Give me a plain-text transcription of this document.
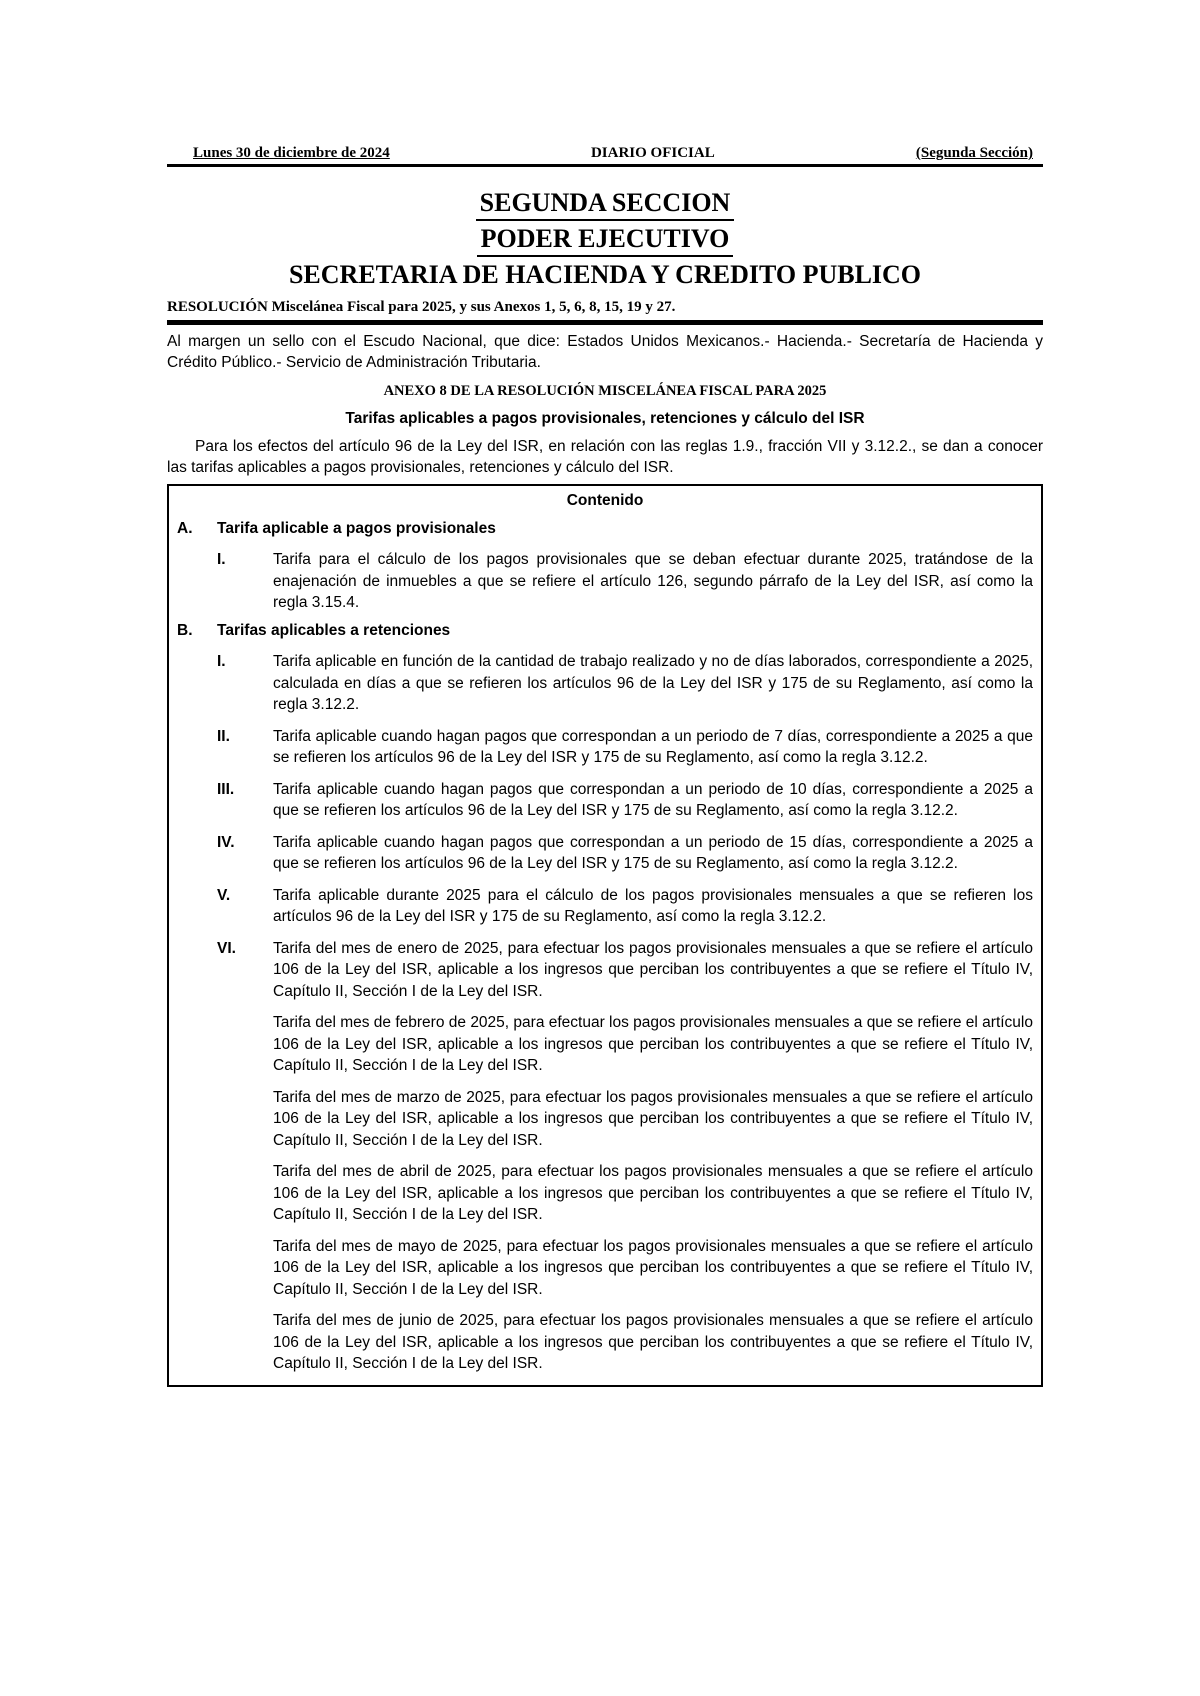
Lunes 30 de diciembre de 2024	DIARIO OFICIAL	(Segunda Sección)
SEGUNDA SECCION
PODER EJECUTIVO
SECRETARIA DE HACIENDA Y CREDITO PUBLICO
RESOLUCIÓN Miscelánea Fiscal para 2025, y sus Anexos 1, 5, 6, 8, 15, 19 y 27.
Al margen un sello con el Escudo Nacional, que dice: Estados Unidos Mexicanos.- Hacienda.- Secretaría de Hacienda y Crédito Público.- Servicio de Administración Tributaria.
ANEXO 8 DE LA RESOLUCIÓN MISCELÁNEA FISCAL PARA 2025
Tarifas aplicables a pagos provisionales, retenciones y cálculo del ISR
Para los efectos del artículo 96 de la Ley del ISR, en relación con las reglas 1.9., fracción VII y 3.12.2., se dan a conocer las tarifas aplicables a pagos provisionales, retenciones y cálculo del ISR.
Contenido
A.	Tarifa aplicable a pagos provisionales
I.	Tarifa para el cálculo de los pagos provisionales que se deban efectuar durante 2025, tratándose de la enajenación de inmuebles a que se refiere el artículo 126, segundo párrafo de la Ley del ISR, así como la regla 3.15.4.
B.	Tarifas aplicables a retenciones
I.	Tarifa aplicable en función de la cantidad de trabajo realizado y no de días laborados, correspondiente a 2025, calculada en días a que se refieren los artículos 96 de la Ley del ISR y 175 de su Reglamento, así como la regla 3.12.2.
II.	Tarifa aplicable cuando hagan pagos que correspondan a un periodo de 7 días, correspondiente a 2025 a que se refieren los artículos 96 de la Ley del ISR y 175 de su Reglamento, así como la regla 3.12.2.
III.	Tarifa aplicable cuando hagan pagos que correspondan a un periodo de 10 días, correspondiente a 2025 a que se refieren los artículos 96 de la Ley del ISR y 175 de su Reglamento, así como la regla 3.12.2.
IV.	Tarifa aplicable cuando hagan pagos que correspondan a un periodo de 15 días, correspondiente a 2025 a que se refieren los artículos 96 de la Ley del ISR y 175 de su Reglamento, así como la regla 3.12.2.
V.	Tarifa aplicable durante 2025 para el cálculo de los pagos provisionales mensuales a que se refieren los artículos 96 de la Ley del ISR y 175 de su Reglamento, así como la regla 3.12.2.
VI.	Tarifa del mes de enero de 2025, para efectuar los pagos provisionales mensuales a que se refiere el artículo 106 de la Ley del ISR, aplicable a los ingresos que perciban los contribuyentes a que se refiere el Título IV, Capítulo II, Sección I de la Ley del ISR.
Tarifa del mes de febrero de 2025, para efectuar los pagos provisionales mensuales a que se refiere el artículo 106 de la Ley del ISR, aplicable a los ingresos que perciban los contribuyentes a que se refiere el Título IV, Capítulo II, Sección I de la Ley del ISR.
Tarifa del mes de marzo de 2025, para efectuar los pagos provisionales mensuales a que se refiere el artículo 106 de la Ley del ISR, aplicable a los ingresos que perciban los contribuyentes a que se refiere el Título IV, Capítulo II, Sección I de la Ley del ISR.
Tarifa del mes de abril de 2025, para efectuar los pagos provisionales mensuales a que se refiere el artículo 106 de la Ley del ISR, aplicable a los ingresos que perciban los contribuyentes a que se refiere el Título IV, Capítulo II, Sección I de la Ley del ISR.
Tarifa del mes de mayo de 2025, para efectuar los pagos provisionales mensuales a que se refiere el artículo 106 de la Ley del ISR, aplicable a los ingresos que perciban los contribuyentes a que se refiere el Título IV, Capítulo II, Sección I de la Ley del ISR.
Tarifa del mes de junio de 2025, para efectuar los pagos provisionales mensuales a que se refiere el artículo 106 de la Ley del ISR, aplicable a los ingresos que perciban los contribuyentes a que se refiere el Título IV, Capítulo II, Sección I de la Ley del ISR.
